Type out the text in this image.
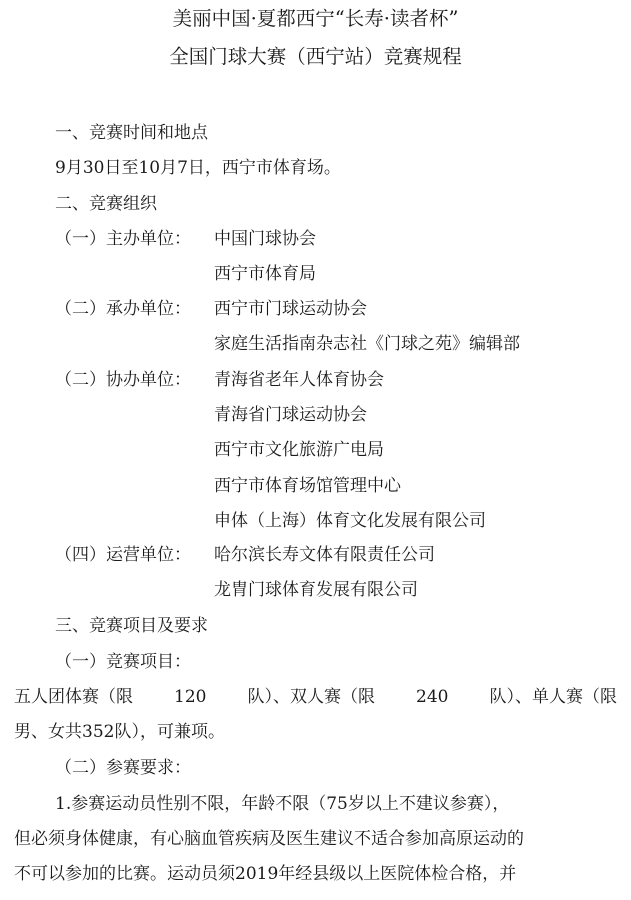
美丽中国·夏都西宁“长寿·读者杯”
全国门球大赛（西宁站）竞赛规程
一、竞赛时间和地点
9月30日至10月7日，西宁市体育场。
二、竞赛组织
（一）主办单位： 中国门球协会
西宁市体育局
（二）承办单位： 西宁市门球运动协会
家庭生活指南杂志社《门球之苑》编辑部
（二）协办单位： 青海省老年人体育协会
青海省门球运动协会
西宁市文化旅游广电局
西宁市体育场馆管理中心
申体（上海）体育文化发展有限公司
（四）运营单位： 哈尔滨长寿文体有限责任公司
龙胄门球体育发展有限公司
三、竞赛项目及要求
（一）竞赛项目：
五人团体赛（限 120 队）、双人赛（限 240 队）、单人赛（限
男、女共352队），可兼项。
（二）参赛要求：
1.参赛运动员性别不限，年龄不限（75岁以上不建议参赛），
但必须身体健康，有心脑血管疾病及医生建议不适合参加高原运动的
不可以参加的比赛。运动员须2019年经县级以上医院体检合格，并
